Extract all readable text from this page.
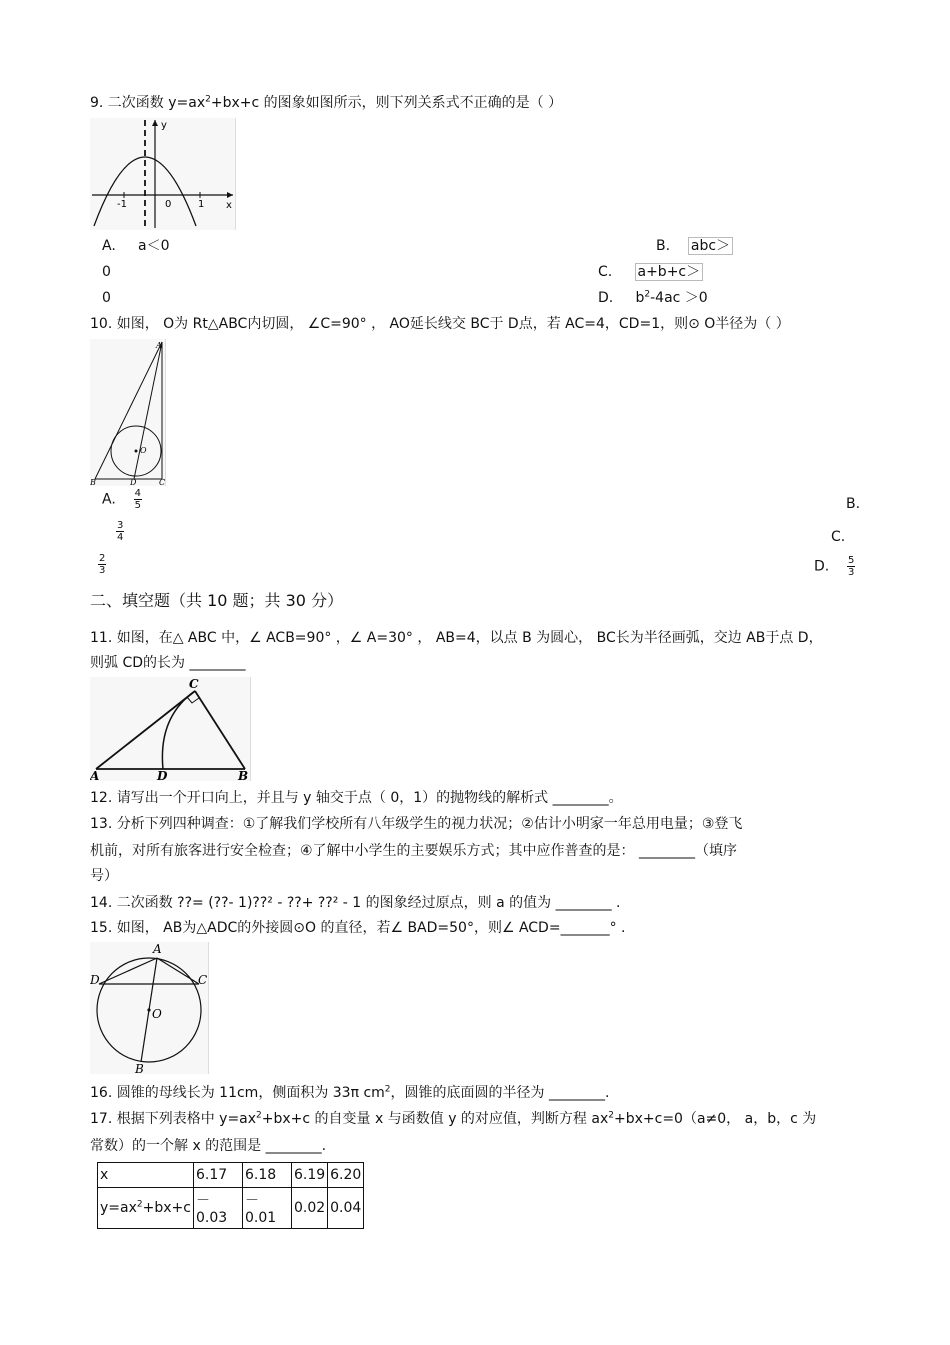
9. 二次函数 $y=ax^2+bx+c$ 的图象如图所示，则下列关系式不正确的是（ ）
y
x
-1	0	1
A. a＜0	B. abc＞
0	C. a+b+c＞
0	D. $b^2-4ac >0$
10. 如图， O为 Rt△ABC内切圆， ∠C=90° ， AO延长线交 BC于 D点，若 AC=4，CD=1，则⊙ O半径为（ ）
A
B	D	C
O
A. $\frac{4}{5}$	B.
$\frac{3}{4}$	C.
$\frac{2}{3}$	D. $\frac{5}{3}$
二、填空题（共 10 题；共 30 分）
11. 如图，在△ ABC 中，∠ ACB=90° ，∠ A=30° ， AB=4，以点 B 为圆心， BC长为半径画弧，交边 AB于点 D，
则弧 CD的长为 ________
A	D	B
C
12. 请写出一个开口向上，并且与 y 轴交于点（ 0，1）的抛物线的解析式 ________。
13. 分析下列四种调查：①了解我们学校所有八年级学生的视力状况；②估计小明家一年总用电量；③登飞
机前，对所有旅客进行安全检查；④了解中小学生的主要娱乐方式；其中应作普查的是： ________（填序
号）
14. 二次函数 ??= (??- 1)??² - ??+ ??² - 1 的图象经过原点，则 a 的值为 ________ .
15. 如图， AB为△ADC的外接圆⊙O 的直径，若∠ BAD=50°，则∠ ACD=_______° .
A
D	C
O
B
16. 圆锥的母线长为 11cm，侧面积为 33π $cm^2$，圆锥的底面圆的半径为 ________.
17. 根据下列表格中 $y=ax^2+bx+c$ 的自变量 x 与函数值 y 的对应值，判断方程 $ax^2+bx+c=0(a\ne 0$， a，b，c 为
常数）的一个解 x 的范围是 ________.
x	6.17	6.18	6.19	6.20
$y=ax^2+bx+c$	－0.03	－0.01	0.02	0.04
